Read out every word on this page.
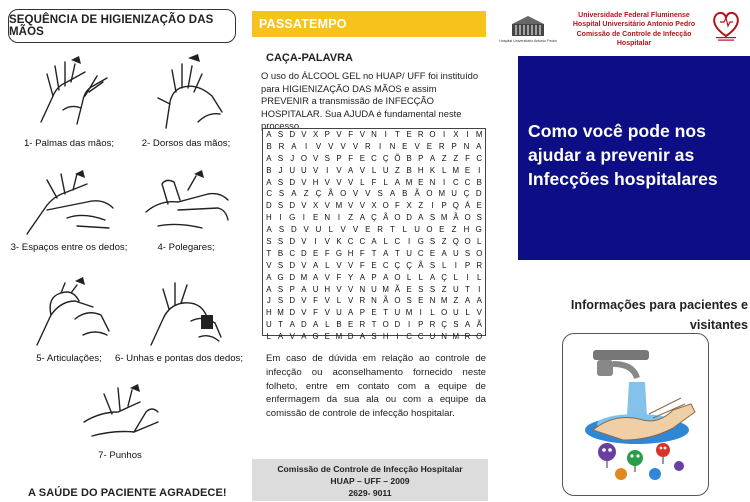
SEQUÊNCIA DE HIGIENIZAÇÃO DAS MÃOS
1- Palmas das mãos;	2- Dorsos das mãos;
3- Espaços entre os dedos;	4- Polegares;
5- Articulações; 6- Unhas e pontas dos dedos;
7- Punhos
A SAÚDE DO PACIENTE AGRADECE!
PASSATEMPO
CAÇA-PALAVRA

O uso do ÁLCOOL GEL no HUAP/ UFF foi instituído para HIGIENIZAÇÃO DAS MÃOS e assim PREVENIR a transmissão de INFECÇÃO HOSPITALAR. Sua AJUDA é fundamental neste processo.

A S D V X P V F V N I	T E R O I	X	I M
B R A	I	V V V V R	I	N E V E R P N A
A S J O V S P F E C Ç Õ B P A Z Z F C
B J U U V	I	V A V L U Z B H K L M E	I
A S D V H V V V L F L A M E N I C C B
C S A Z Ç Ã O V V S A B Ã O M U Ç D
D S D V X V M V V X O F X Z	I	P Q Á E
H I G I	E N I	Z A Ç Ã O D A S M Ã O S
A S D V U L V V E R T L U O E Z H G
S S D V	I	V K C C A L C I G S Z Q O L
T B C D E F G H F T A T U C E A U S O
V S D V A L V V F E C Ç Ç Ã S L	I	P R
A G D M A V F Y A P A O L L A Ç L	I	L
A S P A U H V V N U M Ã E S S Z U T	I
J S D V F V L V R N Ã O S E N M Z A A
H M D V F V U A P E T U M I	L O U L V
U T A D A L B E R T O D I	P R Ç S A Ã
L A V A G E M D A S H I C C U N M R O

Em caso de dúvida em relação ao controle de infecção ou aconselhamento fornecido neste folheto, entre em contato com a equipe de enfermagem da sua ala ou com a equipe da comissão de controle de infecção hospitalar.

Comissão de Controle de Infecção Hospitalar
HUAP – UFF – 2009
2629- 9011
Hospital Universitário Antonio Pedro
Universidade Federal Fluminense
Hospital Universitário Antonio Pedro
Comissão de Controle de Infecção Hospitalar
Como você pode nos ajudar a prevenir as Infecções hospitalares
Informações para pacientes e visitantes
